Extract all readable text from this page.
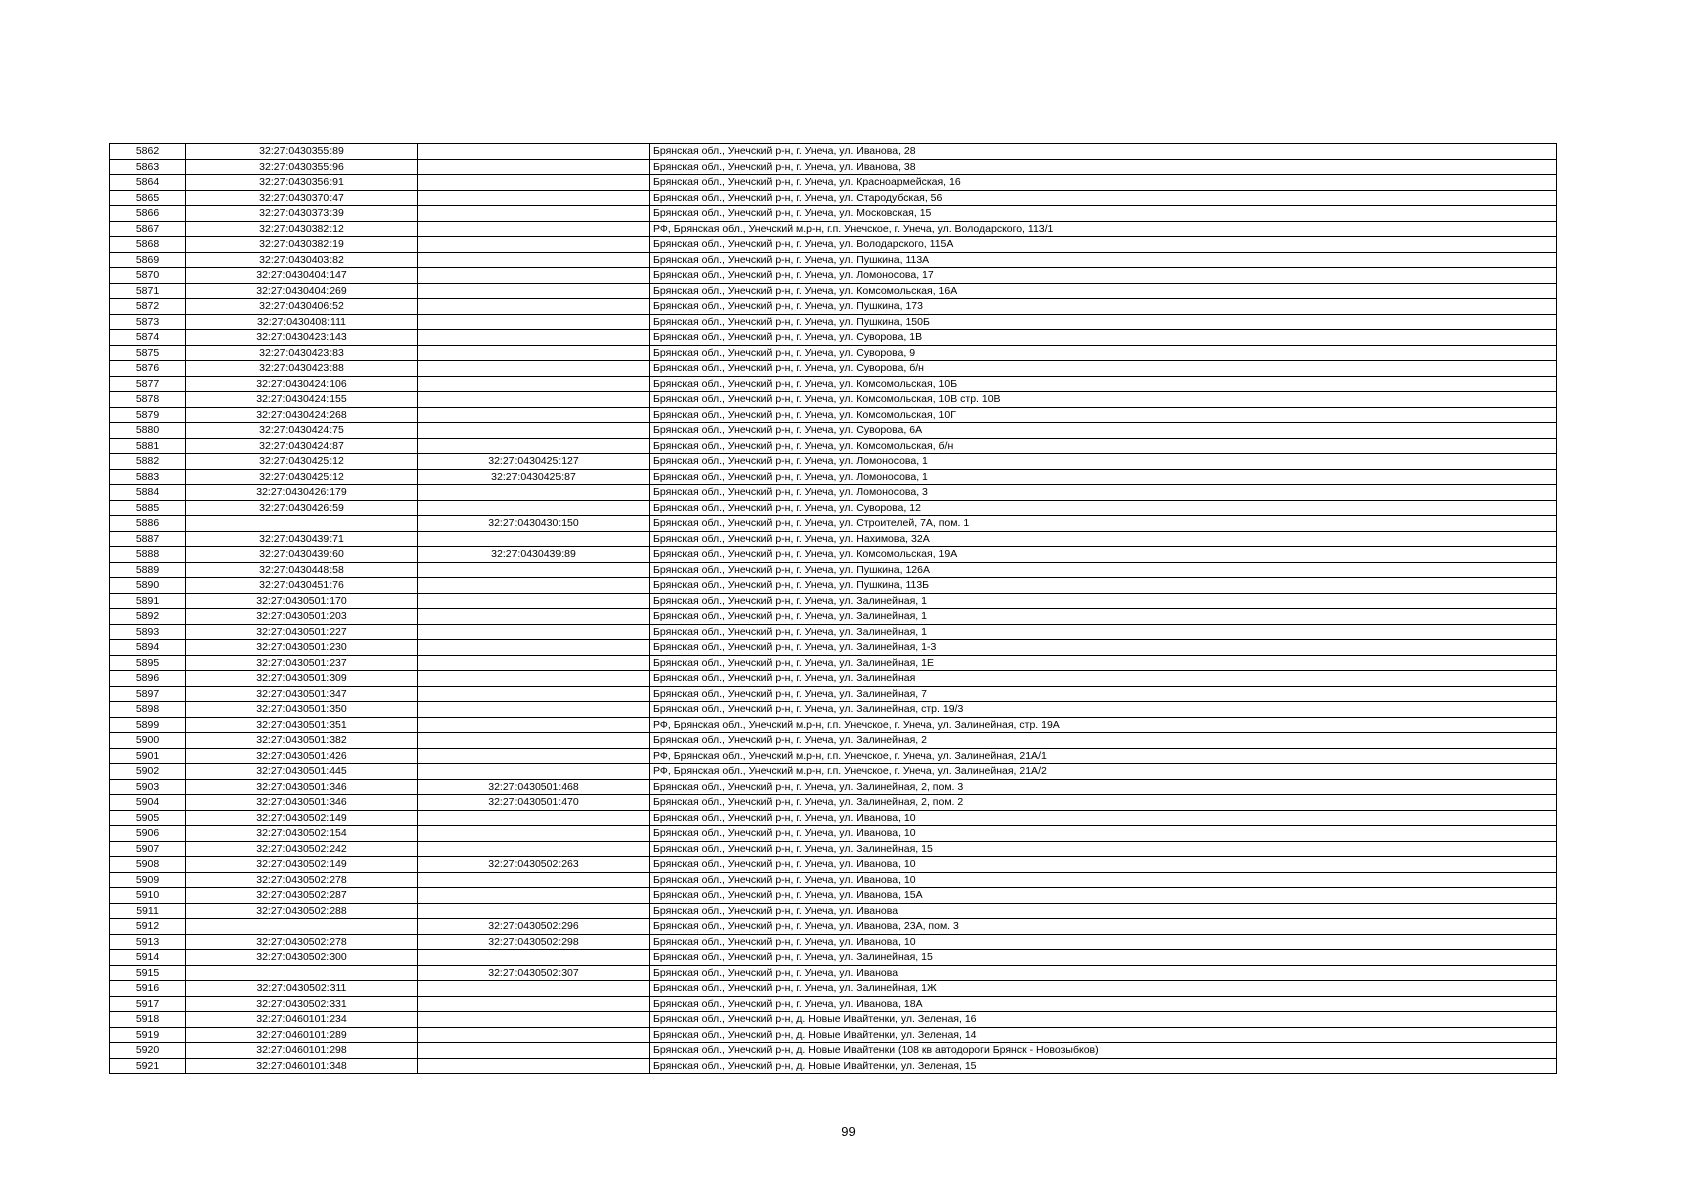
5862	32:27:0430355:89		Брянская обл., Унечский р-н, г. Унеча, ул. Иванова, 28
5863	32:27:0430355:96		Брянская обл., Унечский р-н, г. Унеча, ул. Иванова, 38
5864	32:27:0430356:91		Брянская обл., Унечский р-н, г. Унеча, ул. Красноармейская, 16
5865	32:27:0430370:47		Брянская обл., Унечский р-н, г. Унеча, ул. Стародубская, 56
5866	32:27:0430373:39		Брянская обл., Унечский р-н, г. Унеча, ул. Московская, 15
5867	32:27:0430382:12		РФ, Брянская обл., Унечский м.р-н, г.п. Унечское, г. Унеча, ул. Володарского, 113/1
5868	32:27:0430382:19		Брянская обл., Унечский р-н, г. Унеча, ул. Володарского, 115А
5869	32:27:0430403:82		Брянская обл., Унечский р-н, г. Унеча, ул. Пушкина, 113А
5870	32:27:0430404:147		Брянская обл., Унечский р-н, г. Унеча, ул. Ломоносова, 17
5871	32:27:0430404:269		Брянская обл., Унечский р-н, г. Унеча, ул. Комсомольская, 16А
5872	32:27:0430406:52		Брянская обл., Унечский р-н, г. Унеча, ул. Пушкина, 173
5873	32:27:0430408:111		Брянская обл., Унечский р-н, г. Унеча, ул. Пушкина, 150Б
5874	32:27:0430423:143		Брянская обл., Унечский р-н, г. Унеча, ул. Суворова, 1В
5875	32:27:0430423:83		Брянская обл., Унечский р-н, г. Унеча, ул. Суворова, 9
5876	32:27:0430423:88		Брянская обл., Унечский р-н, г. Унеча, ул. Суворова, б/н
5877	32:27:0430424:106		Брянская обл., Унечский р-н, г. Унеча, ул. Комсомольская, 10Б
5878	32:27:0430424:155		Брянская обл., Унечский р-н, г. Унеча, ул. Комсомольская, 10В стр. 10В
5879	32:27:0430424:268		Брянская обл., Унечский р-н, г. Унеча, ул. Комсомольская, 10Г
5880	32:27:0430424:75		Брянская обл., Унечский р-н, г. Унеча, ул. Суворова, 6А
5881	32:27:0430424:87		Брянская обл., Унечский р-н, г. Унеча, ул. Комсомольская, б/н
5882	32:27:0430425:12	32:27:0430425:127	Брянская обл., Унечский р-н, г. Унеча, ул. Ломоносова, 1
5883	32:27:0430425:12	32:27:0430425:87	Брянская обл., Унечский р-н, г. Унеча, ул. Ломоносова, 1
5884	32:27:0430426:179		Брянская обл., Унечский р-н, г. Унеча, ул. Ломоносова, 3
5885	32:27:0430426:59		Брянская обл., Унечский р-н, г. Унеча, ул. Суворова, 12
5886		32:27:0430430:150	Брянская обл., Унечский р-н, г. Унеча, ул. Строителей, 7А, пом. 1
5887	32:27:0430439:71		Брянская обл., Унечский р-н, г. Унеча, ул. Нахимова, 32А
5888	32:27:0430439:60	32:27:0430439:89	Брянская обл., Унечский р-н, г. Унеча, ул. Комсомольская, 19А
5889	32:27:0430448:58		Брянская обл., Унечский р-н, г. Унеча, ул. Пушкина, 126А
5890	32:27:0430451:76		Брянская обл., Унечский р-н, г. Унеча, ул. Пушкина, 113Б
5891	32:27:0430501:170		Брянская обл., Унечский р-н, г. Унеча, ул. Залинейная, 1
5892	32:27:0430501:203		Брянская обл., Унечский р-н, г. Унеча, ул. Залинейная, 1
5893	32:27:0430501:227		Брянская обл., Унечский р-н, г. Унеча, ул. Залинейная, 1
5894	32:27:0430501:230		Брянская обл., Унечский р-н, г. Унеча, ул. Залинейная, 1-3
5895	32:27:0430501:237		Брянская обл., Унечский р-н, г. Унеча, ул. Залинейная, 1Е
5896	32:27:0430501:309		Брянская обл., Унечский р-н, г. Унеча, ул. Залинейная
5897	32:27:0430501:347		Брянская обл., Унечский р-н, г. Унеча, ул. Залинейная, 7
5898	32:27:0430501:350		Брянская обл., Унечский р-н, г. Унеча, ул. Залинейная, стр. 19/3
5899	32:27:0430501:351		РФ, Брянская обл., Унечский м.р-н, г.п. Унечское, г. Унеча, ул. Залинейная, стр. 19А
5900	32:27:0430501:382		Брянская обл., Унечский р-н, г. Унеча, ул. Залинейная, 2
5901	32:27:0430501:426		РФ, Брянская обл., Унечский м.р-н, г.п. Унечское, г. Унеча, ул. Залинейная, 21А/1
5902	32:27:0430501:445		РФ, Брянская обл., Унечский м.р-н, г.п. Унечское, г. Унеча, ул. Залинейная, 21А/2
5903	32:27:0430501:346	32:27:0430501:468	Брянская обл., Унечский р-н, г. Унеча, ул. Залинейная, 2, пом. 3
5904	32:27:0430501:346	32:27:0430501:470	Брянская обл., Унечский р-н, г. Унеча, ул. Залинейная, 2, пом. 2
5905	32:27:0430502:149		Брянская обл., Унечский р-н, г. Унеча, ул. Иванова, 10
5906	32:27:0430502:154		Брянская обл., Унечский р-н, г. Унеча, ул. Иванова, 10
5907	32:27:0430502:242		Брянская обл., Унечский р-н, г. Унеча, ул. Залинейная, 15
5908	32:27:0430502:149	32:27:0430502:263	Брянская обл., Унечский р-н, г. Унеча, ул. Иванова, 10
5909	32:27:0430502:278		Брянская обл., Унечский р-н, г. Унеча, ул. Иванова, 10
5910	32:27:0430502:287		Брянская обл., Унечский р-н, г. Унеча, ул. Иванова, 15А
5911	32:27:0430502:288		Брянская обл., Унечский р-н, г. Унеча, ул. Иванова
5912		32:27:0430502:296	Брянская обл., Унечский р-н, г. Унеча, ул. Иванова, 23А, пом. 3
5913	32:27:0430502:278	32:27:0430502:298	Брянская обл., Унечский р-н, г. Унеча, ул. Иванова, 10
5914	32:27:0430502:300		Брянская обл., Унечский р-н, г. Унеча, ул. Залинейная, 15
5915		32:27:0430502:307	Брянская обл., Унечский р-н, г. Унеча, ул. Иванова
5916	32:27:0430502:311		Брянская обл., Унечский р-н, г. Унеча, ул. Залинейная, 1Ж
5917	32:27:0430502:331		Брянская обл., Унечский р-н, г. Унеча, ул. Иванова, 18А
5918	32:27:0460101:234		Брянская обл., Унечский р-н, д. Новые Ивайтенки, ул. Зеленая, 16
5919	32:27:0460101:289		Брянская обл., Унечский р-н, д. Новые Ивайтенки, ул. Зеленая, 14
5920	32:27:0460101:298		Брянская обл., Унечский р-н, д. Новые Ивайтенки (108 кв автодороги Брянск - Новозыбков)
5921	32:27:0460101:348		Брянская обл., Унечский р-н, д. Новые Ивайтенки, ул. Зеленая, 15
99
